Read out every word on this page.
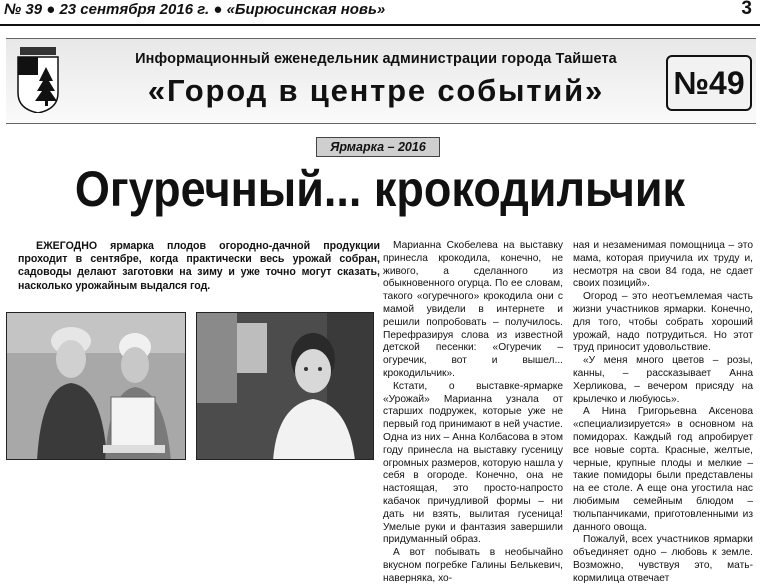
№ 39 ● 23 сентября 2016 г. ● «Бирюсинская новь»	3
Информационный еженедельник администрации города Тайшета
«Город в центре событий»	№49
Ярмарка – 2016
Огуречный... крокодильчик
ЕЖЕГОДНО ярмарка плодов огородно-дачной продукции проходит в сентябре, когда практически весь урожай собран, садоводы делают заготовки на зиму и уже точно могут сказать, насколько урожайным выдался год.

Марианна Скобелева на выставку принесла крокодила, конечно, не живого, а сделанного из обыкновенного огурца. По ее словам, такого «огуречного» крокодила они с мамой увидели в интернете и решили попробовать – получилось. Перефразируя слова из известной детской песенки: «Огуречик – огуречик, вот и вышел... крокодильчик».

Кстати, о выставке-ярмарке «Урожай» Марианна узнала от старших подружек, которые уже не первый год принимают в ней участие. Одна из них – Анна Колбасова в этом году принесла на выставку гусеницу огромных размеров, которую нашла у себя в огороде. Конечно, она не настоящая, это просто-напросто кабачок причудливой формы – ни дать ни взять, вылитая гусеница! Умелые руки и фантазия завершили придуманный образ.

А вот побывать в необычайно вкусном погребке Галины Белькевич, наверняка, хо-

ная и незаменимая помощница – это мама, которая приучила их труду и, несмотря на свои 84 года, не сдает своих позиций».

Огород – это неотъемлемая часть жизни участников ярмарки. Конечно, для того, чтобы собрать хороший урожай, надо потрудиться. Но этот труд приносит удовольствие.

«У меня много цветов – розы, канны, – рассказывает Анна Херликова, – вечером присяду на крылечко и любуюсь».

А Нина Григорьевна Аксенова «специализируется» в основном на помидорах. Каждый год апробирует все новые сорта. Красные, желтые, черные, крупные плоды и мелкие – такие помидоры были представлены на ее столе. А еще она угостила нас любимым семейным блюдом – тюльпанчиками, приготовленными из данного овоща.

Пожалуй, всех участников ярмарки объединяет одно – любовь к земле. Возможно, чувствуя это, мать-кормилица отвечает
